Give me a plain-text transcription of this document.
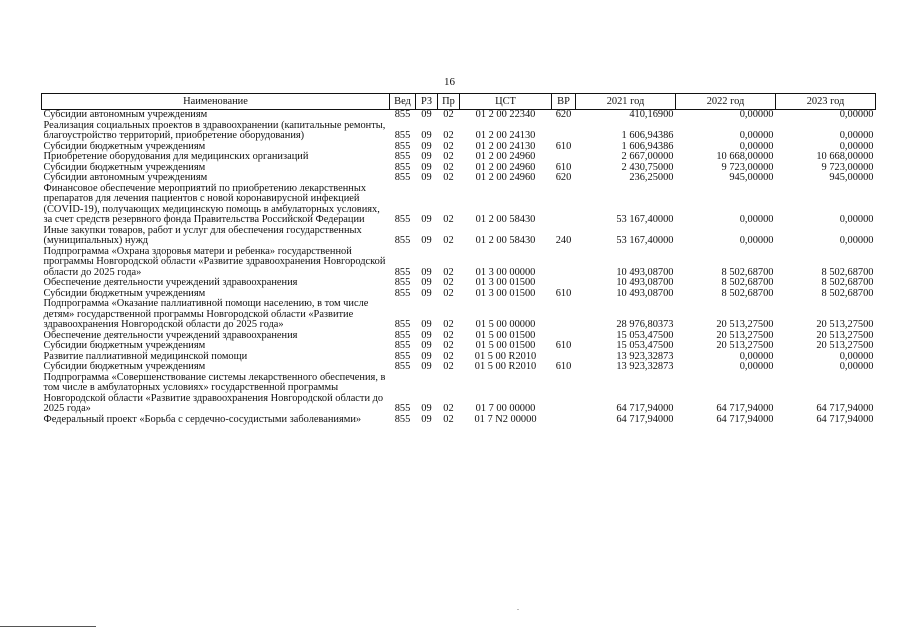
16
Наименование	Вед	РЗ	Пр	ЦСТ	ВР	2021 год	2022 год	2023 год
Субсидии автономным учреждениям	855	09	02	01 2 00 22340	620	410,16900	0,00000	0,00000
Реализация социальных проектов в здравоохранении (капитальные ремонты, благоустройство территорий, приобретение оборудования)	855	09	02	01 2 00 24130		1 606,94386	0,00000	0,00000
Субсидии бюджетным учреждениям	855	09	02	01 2 00 24130	610	1 606,94386	0,00000	0,00000
Приобретение оборудования для медицинских организаций	855	09	02	01 2 00 24960		2 667,00000	10 668,00000	10 668,00000
Субсидии бюджетным учреждениям	855	09	02	01 2 00 24960	610	2 430,75000	9 723,00000	9 723,00000
Субсидии автономным учреждениям	855	09	02	01 2 00 24960	620	236,25000	945,00000	945,00000
Финансовое обеспечение мероприятий по приобретению лекарственных препаратов для лечения пациентов с новой коронавирусной инфекцией (COVID-19), получающих медицинскую помощь в амбулаторных условиях, за счет средств резервного фонда Правительства Российской Федерации	855	09	02	01 2 00 58430		53 167,40000	0,00000	0,00000
Иные закупки товаров, работ и услуг для обеспечения государственных (муниципальных) нужд	855	09	02	01 2 00 58430	240	53 167,40000	0,00000	0,00000
Подпрограмма «Охрана здоровья матери и ребенка» государственной программы Новгородской области «Развитие здравоохранения Новгородской области до 2025 года»	855	09	02	01 3 00 00000		10 493,08700	8 502,68700	8 502,68700
Обеспечение деятельности учреждений здравоохранения	855	09	02	01 3 00 01500		10 493,08700	8 502,68700	8 502,68700
Субсидии бюджетным учреждениям	855	09	02	01 3 00 01500	610	10 493,08700	8 502,68700	8 502,68700
Подпрограмма «Оказание паллиативной помощи населению, в том числе детям» государственной программы Новгородской области «Развитие здравоохранения Новгородской области до 2025 года»	855	09	02	01 5 00 00000		28 976,80373	20 513,27500	20 513,27500
Обеспечение деятельности учреждений здравоохранения	855	09	02	01 5 00 01500		15 053,47500	20 513,27500	20 513,27500
Субсидии бюджетным учреждениям	855	09	02	01 5 00 01500	610	15 053,47500	20 513,27500	20 513,27500
Развитие паллиативной медицинской помощи	855	09	02	01 5 00 R2010		13 923,32873	0,00000	0,00000
Субсидии бюджетным учреждениям	855	09	02	01 5 00 R2010	610	13 923,32873	0,00000	0,00000
Подпрограмма «Совершенствование системы лекарственного обеспечения, в том числе в амбулаторных условиях» государственной программы Новгородской области «Развитие здравоохранения Новгородской области до 2025 года»	855	09	02	01 7 00 00000		64 717,94000	64 717,94000	64 717,94000
Федеральный проект «Борьба с сердечно-сосудистыми заболеваниями»	855	09	02	01 7 N2 00000		64 717,94000	64 717,94000	64 717,94000
